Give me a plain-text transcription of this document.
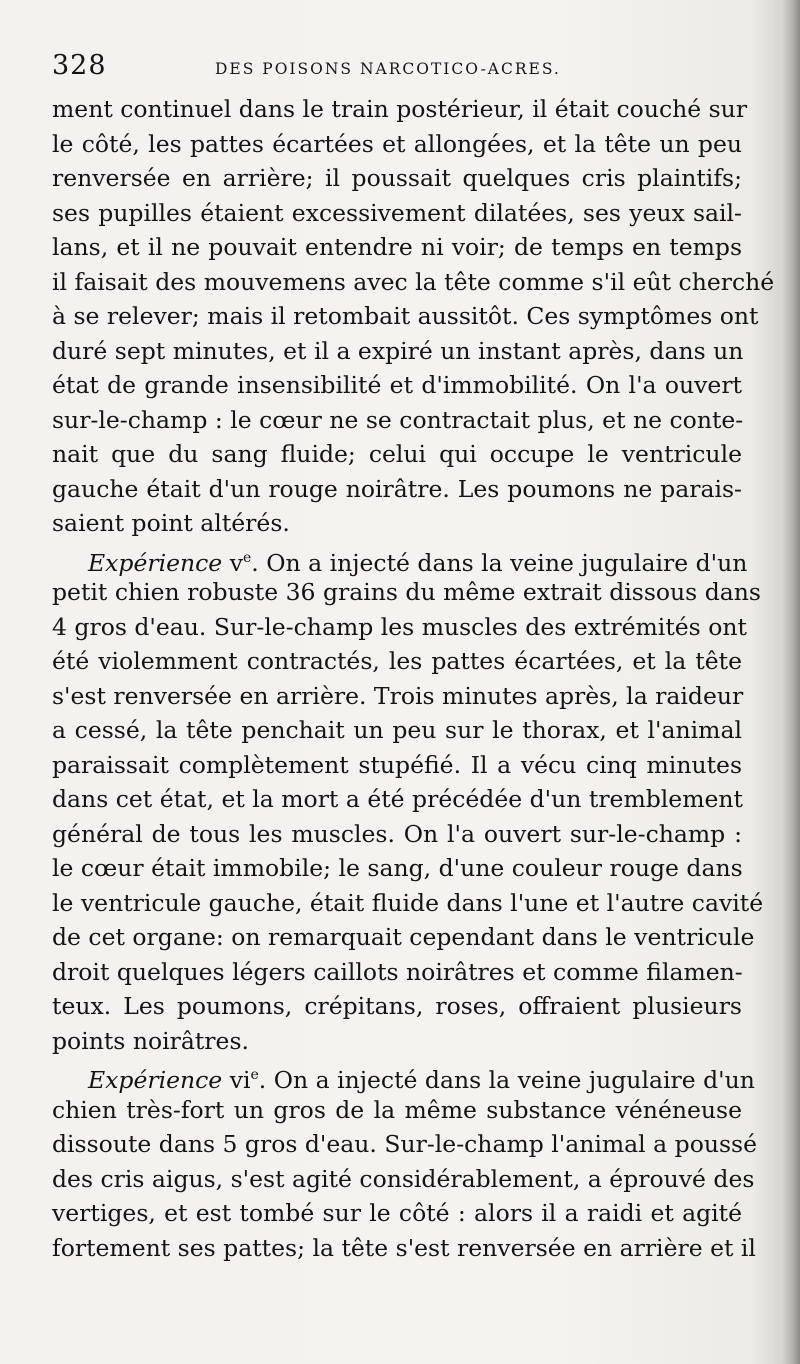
328	DES POISONS NARCOTICO-ACRES.
ment continuel dans le train postérieur, il était couché sur
le côté, les pattes écartées et allongées, et la tête un peu
renversée en arrière; il poussait quelques cris plaintifs;
ses pupilles étaient excessivement dilatées, ses yeux sail-
lans, et il ne pouvait entendre ni voir; de temps en temps
il faisait des mouvemens avec la tête comme s'il eût cherché
à se relever; mais il retombait aussitôt. Ces symptômes ont
duré sept minutes, et il a expiré un instant après, dans un
état de grande insensibilité et d'immobilité. On l'a ouvert
sur-le-champ : le cœur ne se contractait plus, et ne conte-
nait que du sang fluide; celui qui occupe le ventricule
gauche était d'un rouge noirâtre. Les poumons ne parais-
saient point altérés.
Expérience $v^e$. On a injecté dans la veine jugulaire d'un
petit chien robuste 36 grains du même extrait dissous dans
4 gros d'eau. Sur-le-champ les muscles des extrémités ont
été violemment contractés, les pattes écartées, et la tête
s'est renversée en arrière. Trois minutes après, la raideur
a cessé, la tête penchait un peu sur le thorax, et l'animal
paraissait complètement stupéfié. Il a vécu cinq minutes
dans cet état, et la mort a été précédée d'un tremblement
général de tous les muscles. On l'a ouvert sur-le-champ :
le cœur était immobile; le sang, d'une couleur rouge dans
le ventricule gauche, était fluide dans l'une et l'autre cavité
de cet organe: on remarquait cependant dans le ventricule
droit quelques légers caillots noirâtres et comme filamen-
teux. Les poumons, crépitans, roses, offraient plusieurs
points noirâtres.
Expérience $vi^e$. On a injecté dans la veine jugulaire d'un
chien très-fort un gros de la même substance vénéneuse
dissoute dans 5 gros d'eau. Sur-le-champ l'animal a poussé
des cris aigus, s'est agité considérablement, a éprouvé des
vertiges, et est tombé sur le côté : alors il a raidi et agité
fortement ses pattes; la tête s'est renversée en arrière et il
